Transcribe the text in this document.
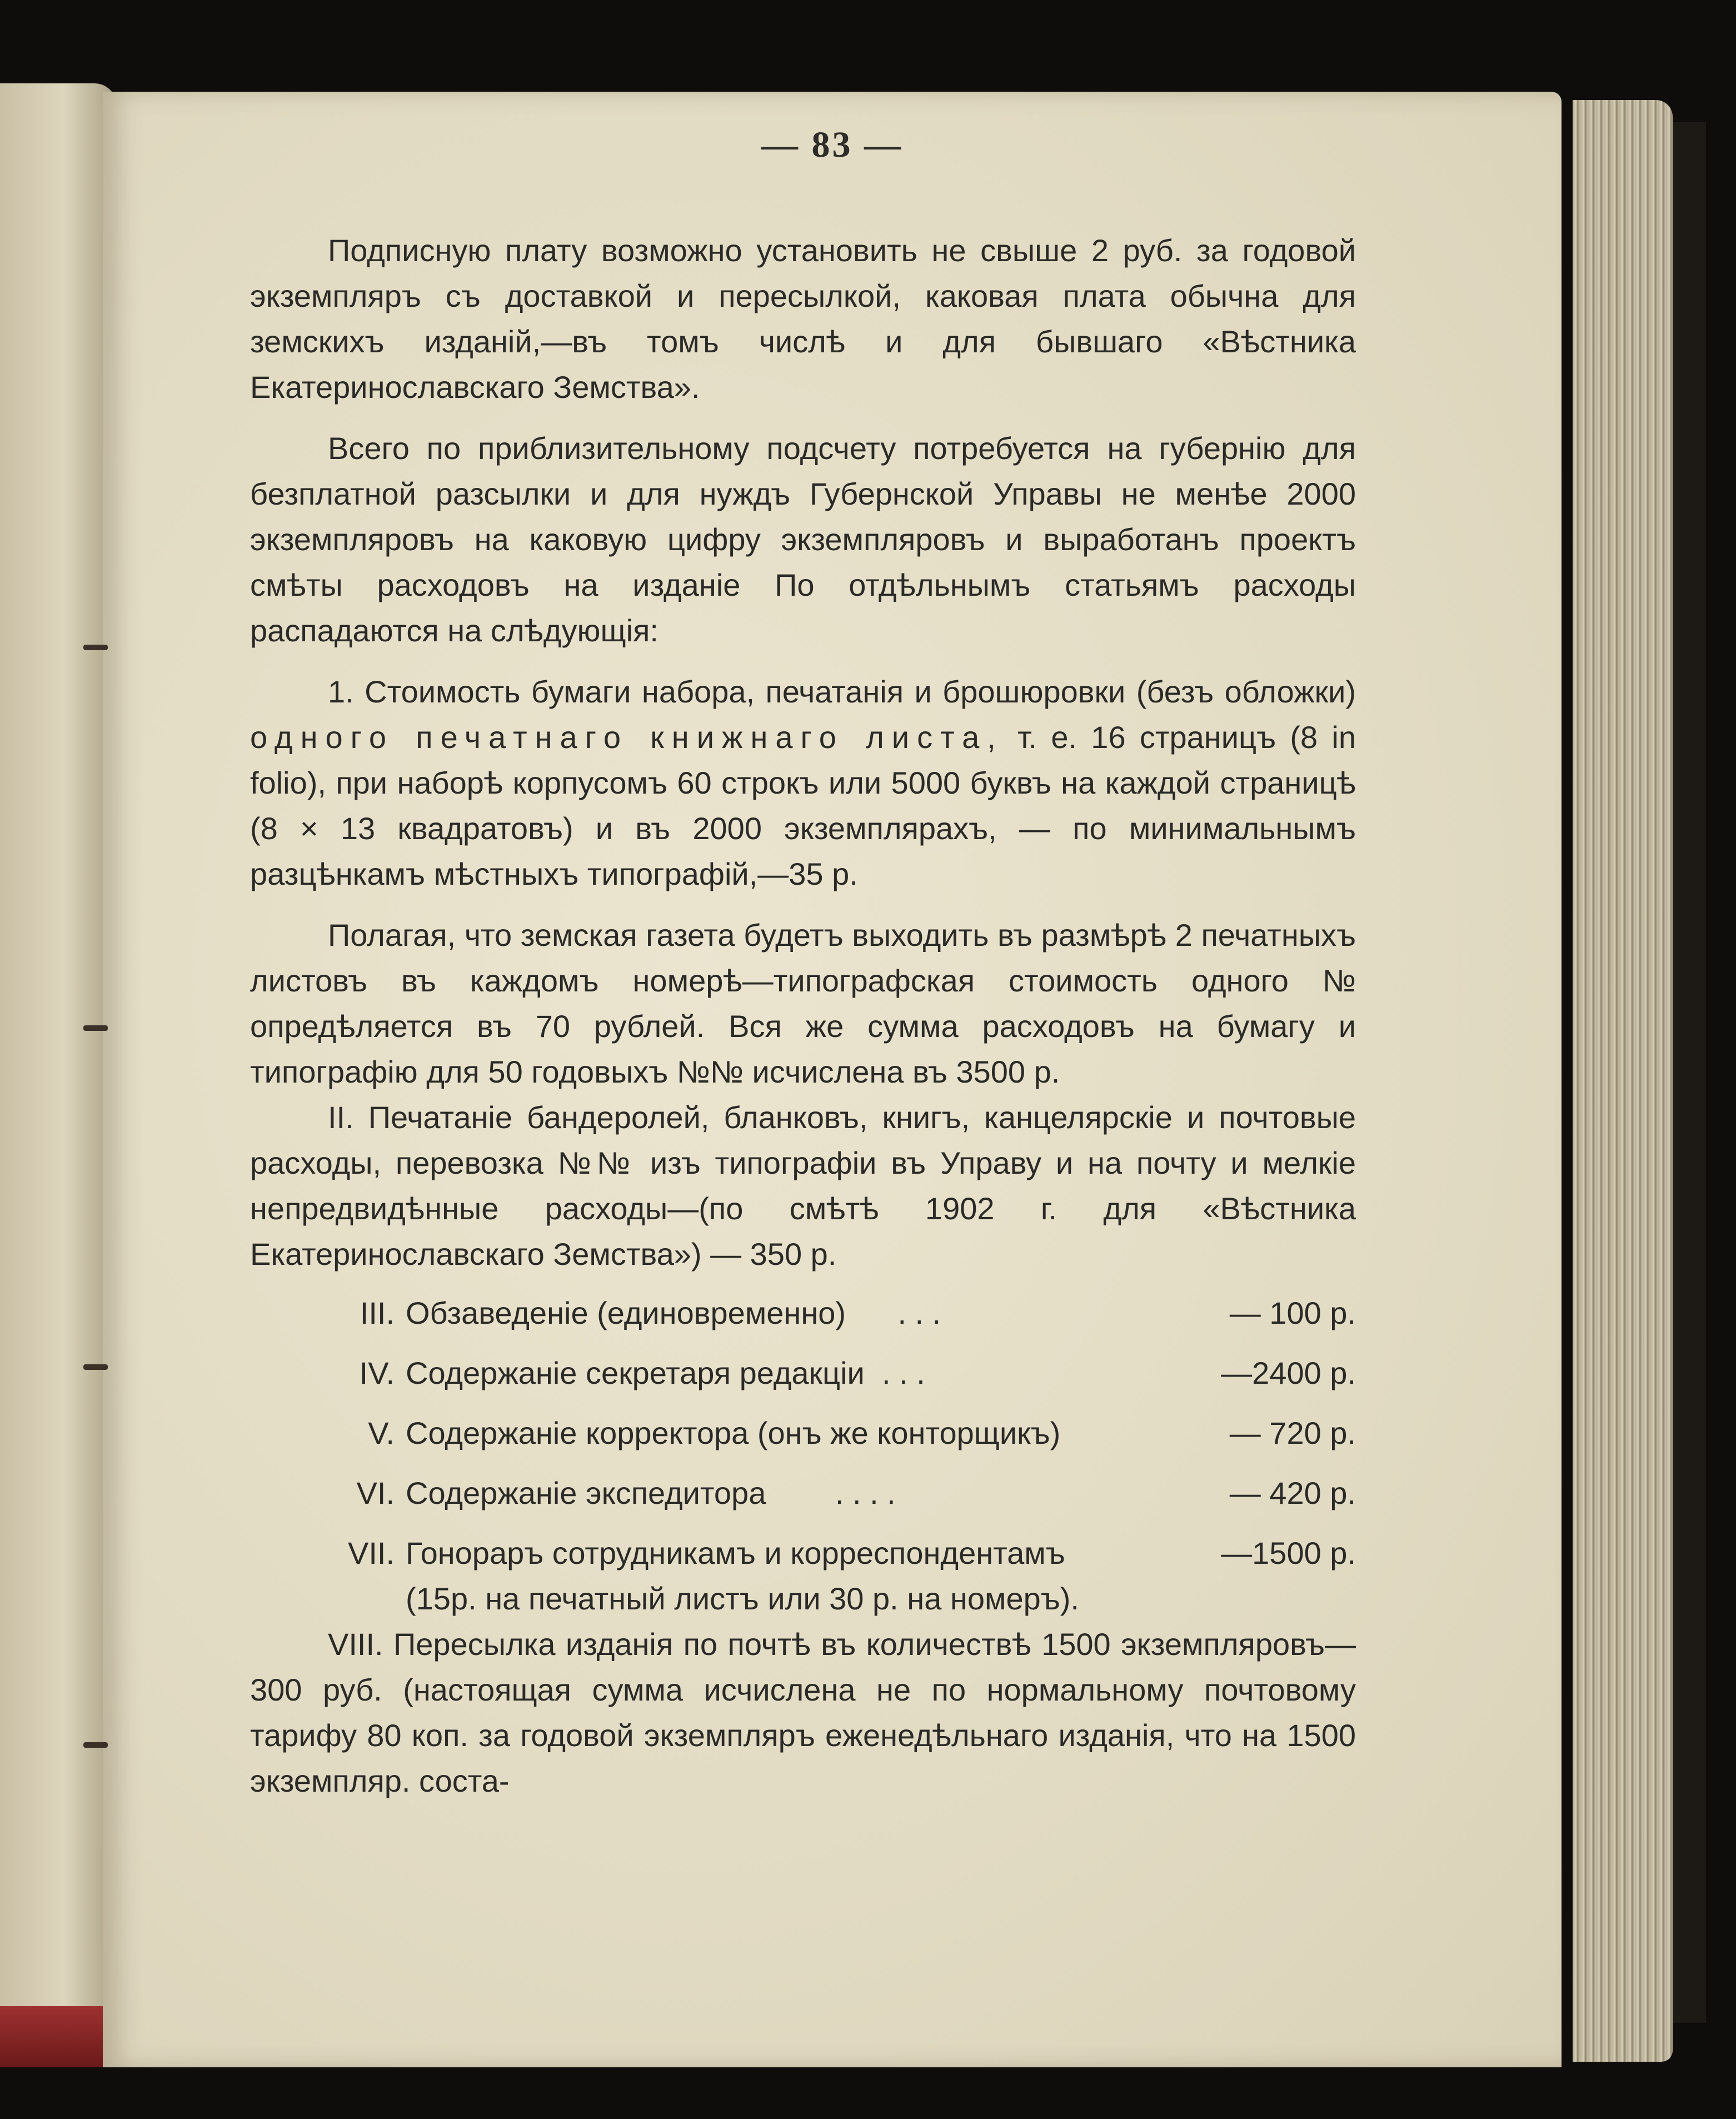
— 83 —

Подписную плату возможно установить не свыше 2 руб. за годовой экземпляръ съ доставкой и пересылкой, каковая плата обычна для земскихъ изданій,—въ томъ числѣ и для бывшаго «Вѣстника Екатеринославскаго Земства».

Всего по приблизительному подсчету потребуется на губернію для безплатной разсылки и для нуждъ Губернской Управы не менѣе 2000 экземпляровъ на каковую цифру экземпляровъ и выработанъ проектъ смѣты расходовъ на изданіе По отдѣльнымъ статьямъ расходы распадаются на слѣдующія:

1. Стоимость бумаги набора, печатанія и брошюровки (безъ обложки) одного печатнаго книжнаго листа, т. е. 16 страницъ (8 in folio), при наборѣ корпусомъ 60 строкъ или 5000 буквъ на каждой страницѣ (8 × 13 квадратовъ) и въ 2000 экземплярахъ, — по минимальнымъ разцѣнкамъ мѣстныхъ типографій,—35 р.

Полагая, что земская газета будетъ выходить въ размѣрѣ 2 печатныхъ листовъ въ каждомъ номерѣ—типографская стоимость одного № опредѣляется въ 70 рублей. Вся же сумма расходовъ на бумагу и типографію для 50 годовыхъ №№ исчислена въ 3500 р.

II. Печатаніе бандеролей, бланковъ, книгъ, канцелярскіе и почтовые расходы, перевозка №№ изъ типографіи въ Управу и на почту и мелкіе непредвидѣнные расходы—(по смѣтѣ 1902 г. для «Вѣстника Екатеринославскаго Земства») — 350 р.

III. Обзаведеніе (единовременно) . . .	— 100 р.
IV. Содержаніе секретаря редакціи . . .	—2400 р.
V. Содержаніе корректора (онъ же конторщикъ)	— 720 р.
VI. Содержаніе экспедитора . . . .	— 420 р.
VII. Гонораръ сотрудникамъ и корреспондентамъ	—1500 р.

(15р. на печатный листъ или 30 р. на номеръ).

VIII. Пересылка изданія по почтѣ въ количествѣ 1500 экземпляровъ—300 руб. (настоящая сумма исчислена не по нормальному почтовому тарифу 80 коп. за годовой экземпляръ еженедѣльнаго изданія, что на 1500 экземпляр. соста-
